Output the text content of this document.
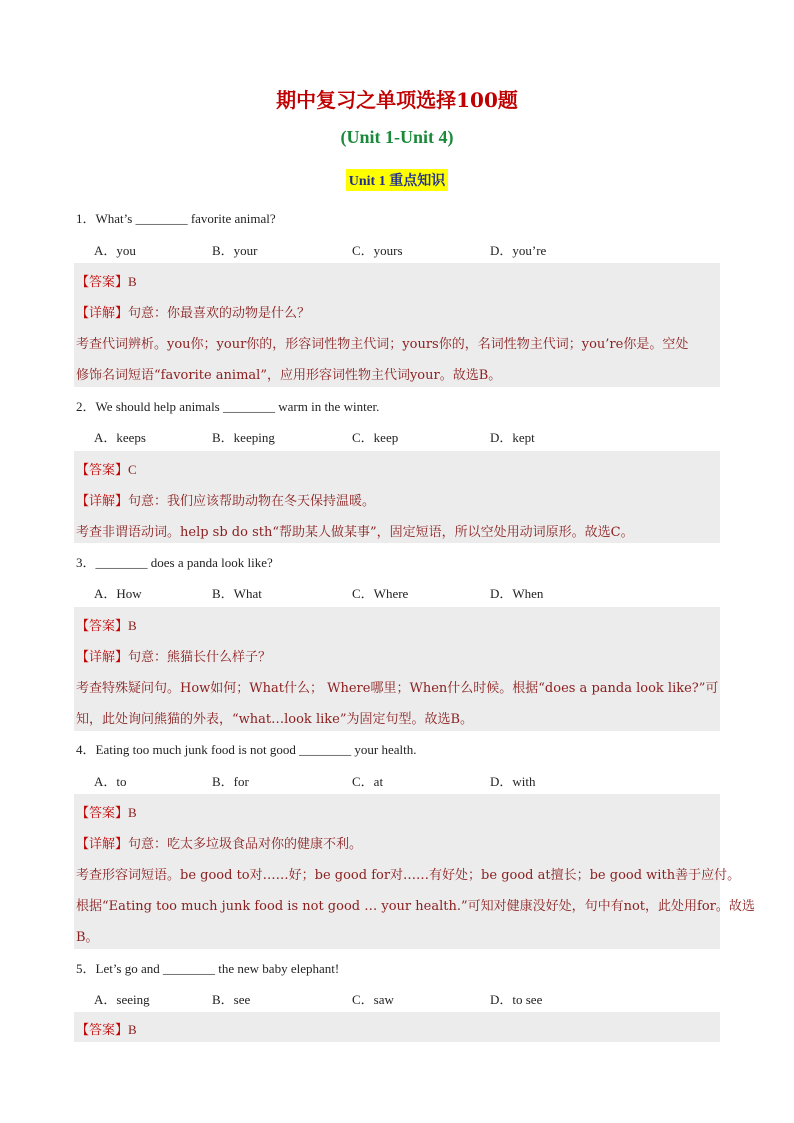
期中复习之单项选择100题
(Unit 1-Unit 4)
Unit 1 重点知识
1．What’s ________ favorite animal?
A．you	B．your	C．yours	D．you’re
【答案】B
【详解】句意：你最喜欢的动物是什么？
考查代词辨析。you你；your你的，形容词性物主代词；yours你的，名词性物主代词；you’re你是。空处
修饰名词短语“favorite animal”，应用形容词性物主代词your。故选B。
2．We should help animals ________ warm in the winter.
A．keeps	B．keeping	C．keep	D．kept
【答案】C
【详解】句意：我们应该帮助动物在冬天保持温暖。
考查非谓语动词。help sb do sth“帮助某人做某事”，固定短语，所以空处用动词原形。故选C。
3．________ does a panda look like?
A．How	B．What	C．Where	D．When
【答案】B
【详解】句意：熊猫长什么样子？
考查特殊疑问句。How如何；What什么； Where哪里；When什么时候。根据“does a panda look like?”可
知，此处询问熊猫的外表，“what…look like”为固定句型。故选B。
4．Eating too much junk food is not good ________ your health.
A．to	B．for	C．at	D．with
【答案】B
【详解】句意：吃太多垃圾食品对你的健康不利。
考查形容词短语。be good to对……好；be good for对……有好处；be good at擅长；be good with善于应付。
根据“Eating too much junk food is not good … your health.”可知对健康没好处，句中有not，此处用for。故选
B。
5．Let’s go and ________ the new baby elephant!
A．seeing	B．see	C．saw	D．to see
【答案】B
